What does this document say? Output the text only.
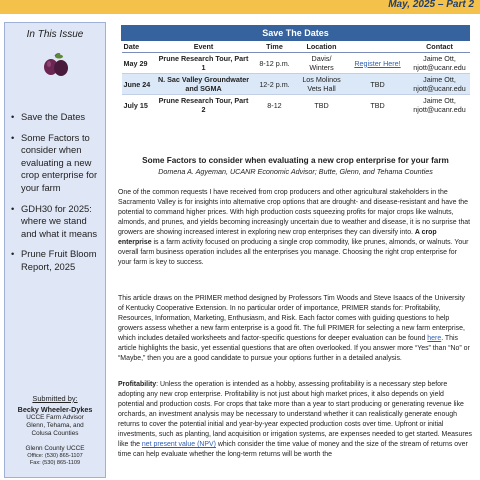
May, 2025 – Part 2
In This Issue
• Save the Dates
• Some Factors to consider when evaluating a new crop enterprise for your farm
• GDH30 for 2025: where we stand and what it means
• Prune Fruit Bloom Report, 2025
Submitted by:
Becky Wheeler-Dykes
UCCE Farm Advisor
Glenn, Tehama, and
Colusa Counties
Glenn County UCCE
Office: (530) 865-1107
Fax: (530) 865-1109
Save The Dates					
Date	Event	Time	Location		Contact
May 29	Prune Research Tour, Part 1	8-12 p.m.	Davis/ Winters	Register Here!	Jaime Ott, njott@ucanr.edu
June 24	N. Sac Valley Groundwater and SGMA	12-2 p.m.	Los Molinos Vets Hall	TBD	Jaime Ott, njott@ucanr.edu
July 15	Prune Research Tour, Part 2	8-12	TBD	TBD	Jaime Ott, njott@ucanr.edu
Some Factors to consider when evaluating a new crop enterprise for your farm
Domena A. Agyeman, UCANR Economic Advisor; Butte, Glenn, and Tehama Counties

One of the common requests I have received from crop producers and other agricultural stakeholders in the Sacramento Valley is for insights into alternative crop options that are drought- and disease-resistant and have the potential to command higher prices. With high production costs squeezing profits for major crops like walnuts, almonds, and prunes, and yields becoming increasingly uncertain due to weather and disease, it is no surprise that growers are showing increased interest in exploring new crop enterprises they can diversify into. A crop enterprise is a farm activity focused on producing a single crop commodity, like prunes, almonds, or walnuts. Your overall farm business operation includes all the enterprises you manage. Choosing the right crop enterprise for your farm is key to success.

This article draws on the PRIMER method designed by Professors Tim Woods and Steve Isaacs of the University of Kentucky Cooperative Extension. In no particular order of importance, PRIMER stands for: Profitability, Resources, Information, Marketing, Enthusiasm, and Risk. Each factor comes with guiding questions to help growers assess whether a new farm enterprise is a good fit. The full PRIMER for selecting a new farm enterprise, which includes detailed worksheets and factor-specific questions for deeper evaluation can be found here. This article highlights the basic, yet essential questions that are often overlooked. If you answer more “Yes” than “No” or “Maybe,” then you are a good candidate to pursue your options further in a detailed analysis.

Profitability: Unless the operation is intended as a hobby, assessing profitability is a necessary step before adopting any new crop enterprise. Profitability is not just about high market prices, it also depends on yield potential and production costs. For crops that take more than a year to start producing or generating revenue like orchards, an investment analysis may be necessary to understand whether it can realistically generate enough returns to cover the potential initial and year-by-year expected production costs over time. Upfront or initial investments, such as planting, land acquisition or irrigation systems, are expenses needed to get started. Measures like the net present value (NPV) which consider the time value of money and the size of the stream of returns over time can help evaluate whether the long-term returns will be worth the
